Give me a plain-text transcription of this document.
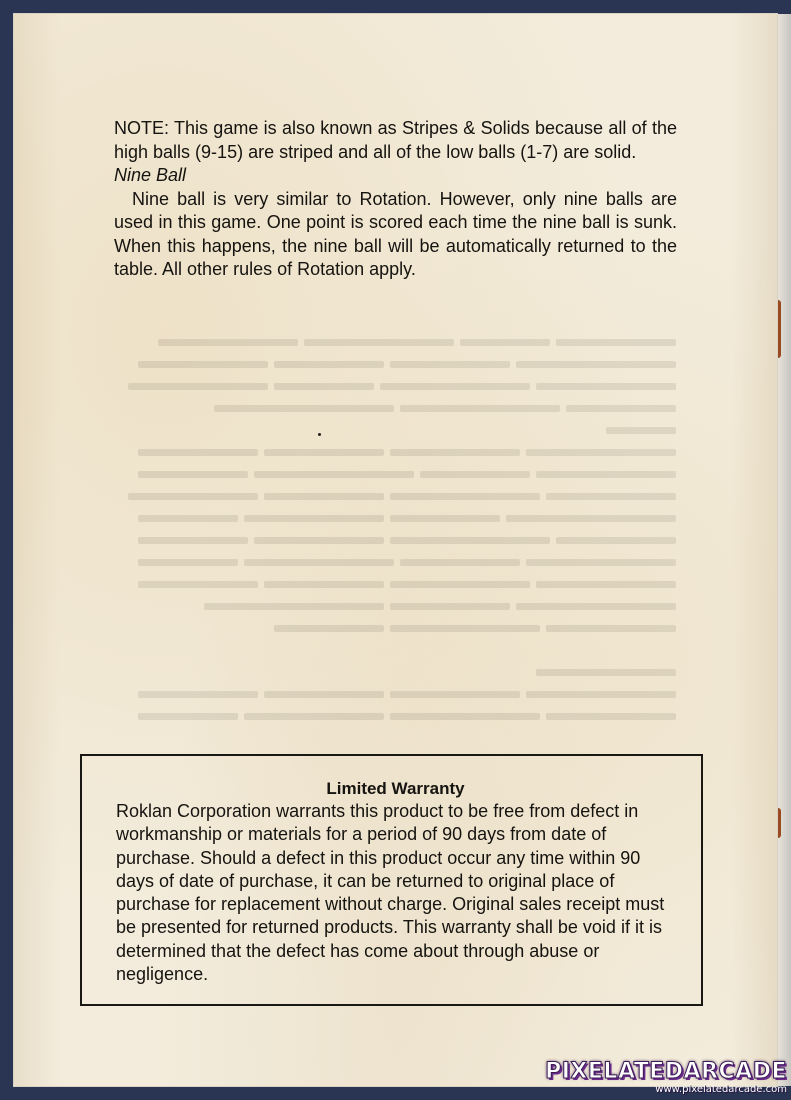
NOTE: This game is also known as Stripes & Solids because all of the high balls (9-15) are striped and all of the low balls (1-7) are solid.

Nine Ball

Nine ball is very similar to Rotation. However, only nine balls are used in this game. One point is scored each time the nine ball is sunk. When this happens, the nine ball will be automatically returned to the table. All other rules of Rotation apply.

Limited Warranty

Roklan Corporation warrants this product to be free from defect in workmanship or materials for a period of 90 days from date of purchase. Should a defect in this product occur any time within 90 days of date of purchase, it can be returned to original place of purchase for replacement without charge. Original sales receipt must be presented for returned products. This warranty shall be void if it is determined that the defect has come about through abuse or negligence.

PIXELATEDARCADE
www.pixelatedarcade.com
